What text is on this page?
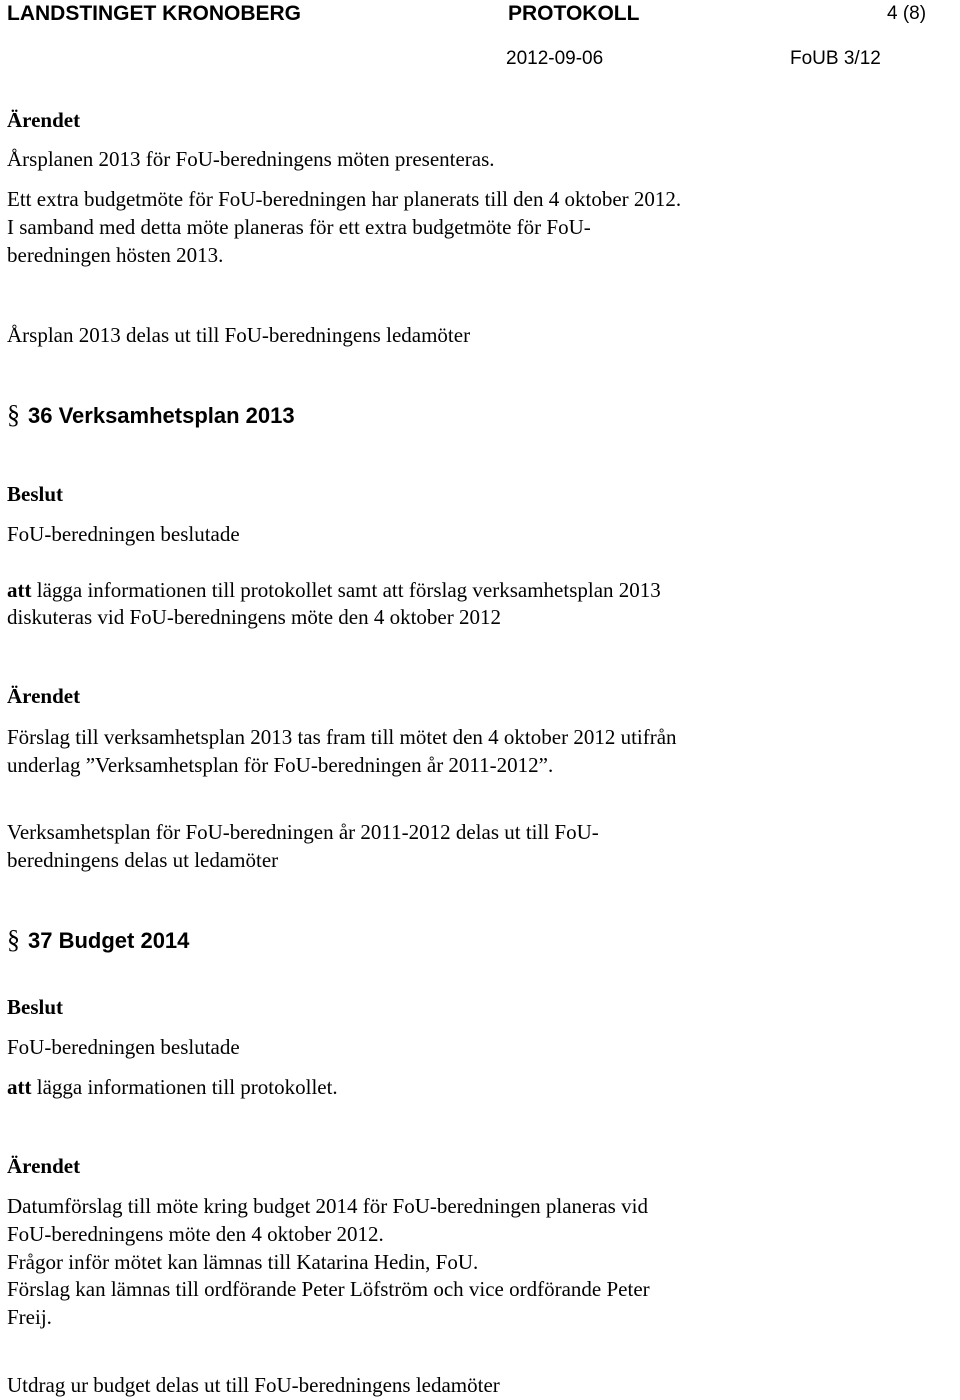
LANDSTINGET KRONOBERG	PROTOKOLL	4 (8)
2012-09-06	FoUB 3/12
Ärendet
Årsplanen 2013 för FoU-beredningens möten presenteras.
Ett extra budgetmöte för FoU-beredningen har planerats till den 4 oktober 2012.
I samband med detta möte planeras för ett extra budgetmöte för FoU-
beredningen hösten 2013.
Årsplan 2013 delas ut till FoU-beredningens ledamöter
§ 36 Verksamhetsplan 2013
Beslut
FoU-beredningen beslutade
att lägga informationen till protokollet samt att förslag verksamhetsplan 2013
diskuteras vid FoU-beredningens möte den 4 oktober 2012
Ärendet
Förslag till verksamhetsplan 2013 tas fram till mötet den 4 oktober 2012 utifrån
underlag ”Verksamhetsplan för FoU-beredningen år 2011-2012”.
Verksamhetsplan för FoU-beredningen år 2011-2012 delas ut till FoU-
beredningens delas ut ledamöter
§ 37 Budget 2014
Beslut
FoU-beredningen beslutade
att lägga informationen till protokollet.
Ärendet
Datumförslag till möte kring budget 2014 för FoU-beredningen planeras vid
FoU-beredningens möte den 4 oktober 2012.
Frågor inför mötet kan lämnas till Katarina Hedin, FoU.
Förslag kan lämnas till ordförande Peter Löfström och vice ordförande Peter
Freij.
Utdrag ur budget delas ut till FoU-beredningens ledamöter
